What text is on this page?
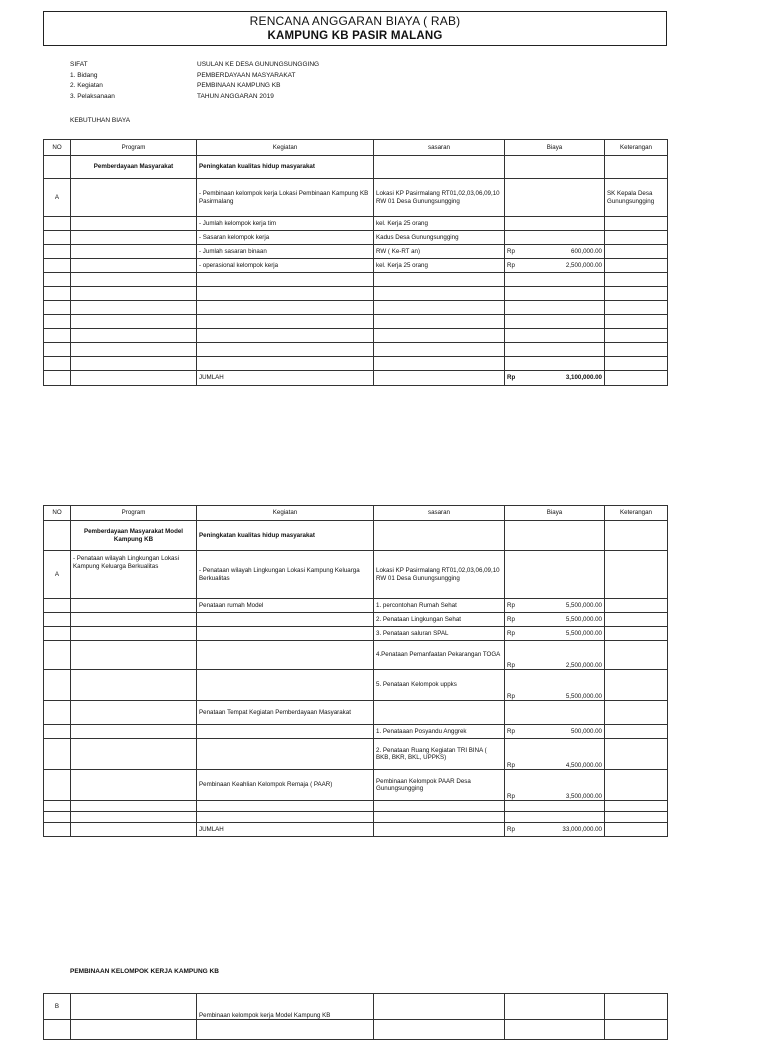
RENCANA ANGGARAN BIAYA ( RAB)
KAMPUNG KB PASIR MALANG
SIFAT	USULAN KE DESA GUNUNGSUNGGING
1. Bidang	PEMBERDAYAAN MASYARAKAT
2. Kegiatan	PEMBINAAN KAMPUNG KB
3. Pelaksanaan	TAHUN ANGGARAN 2019
KEBUTUHAN BIAYA
NO	Program	Kegiatan	sasaran	Biaya	Keterangan
	Pemberdayaan Masyarakat	Peningkatan kualitas hidup masyarakat			
A		- Pembinaan kelompok kerja Lokasi Pembinaan Kampung KB Pasirmalang	Lokasi KP Pasirmalang RT01,02,03,06,09,10 RW 01 Desa Gunungsungging		SK Kepala Desa Gunungsungging
		- Jumlah kelompok kerja tim	kel. Kerja 25 orang	

		- Sasaran kelompok kerja	Kadus Desa Gunungsungging	

		- Jumlah sasaran binaan	RW ( Ke-RT an)	Rp 600,000.00	

		- operasional kelompok kerja	kel. Kerja 25 orang	Rp 2,500,000.00	

		JUMLAH		Rp 3,100,000.00	

NO	Program	Kegiatan	sasaran	Biaya	Keterangan
	Pemberdayaan Masyarakat Model Kampung KB	Peningkatan kualitas hidup masyarakat			
A	- Penataan wilayah Lingkungan Lokasi Kampung Keluarga Berkualitas	- Penataan wilayah Lingkungan Lokasi Kampung Keluarga Berkualitas	Lokasi KP Pasirmalang RT01,02,03,06,09,10 RW 01 Desa Gunungsungging		
		Penataan rumah Model	1. percontohan Rumah Sehat	Rp 5,500,000.00	

			2. Penataan Lingkungan Sehat	Rp 5,500,000.00	

			3. Penataan saluran SPAL	Rp 5,500,000.00	

			4.Penataan Pemanfaatan Pekarangan TOGA	Rp 2,500,000.00	

			5. Penataan Kelompok uppks	Rp 5,500,000.00	

		Penataan Tempat Kegiatan Pemberdayaan Masyarakat		

			1. Penataaan Posyandu Anggrek	Rp 500,000.00	

			2. Penataan Ruang Kegiatan TRI BINA ( BKB, BKR, BKL, UPPKS)	Rp 4,500,000.00	

		Pembinaan Keahlian Kelompok Remaja ( PAAR)	Pembinaan Kelompok PAAR Desa Gunungsungging	Rp 3,500,000.00	

		JUMLAH		Rp 33,000,000.00	

PEMBINAAN KELOMPOK KERJA KAMPUNG KB
B		Pembinaan kelompok kerja Model Kampung KB			
